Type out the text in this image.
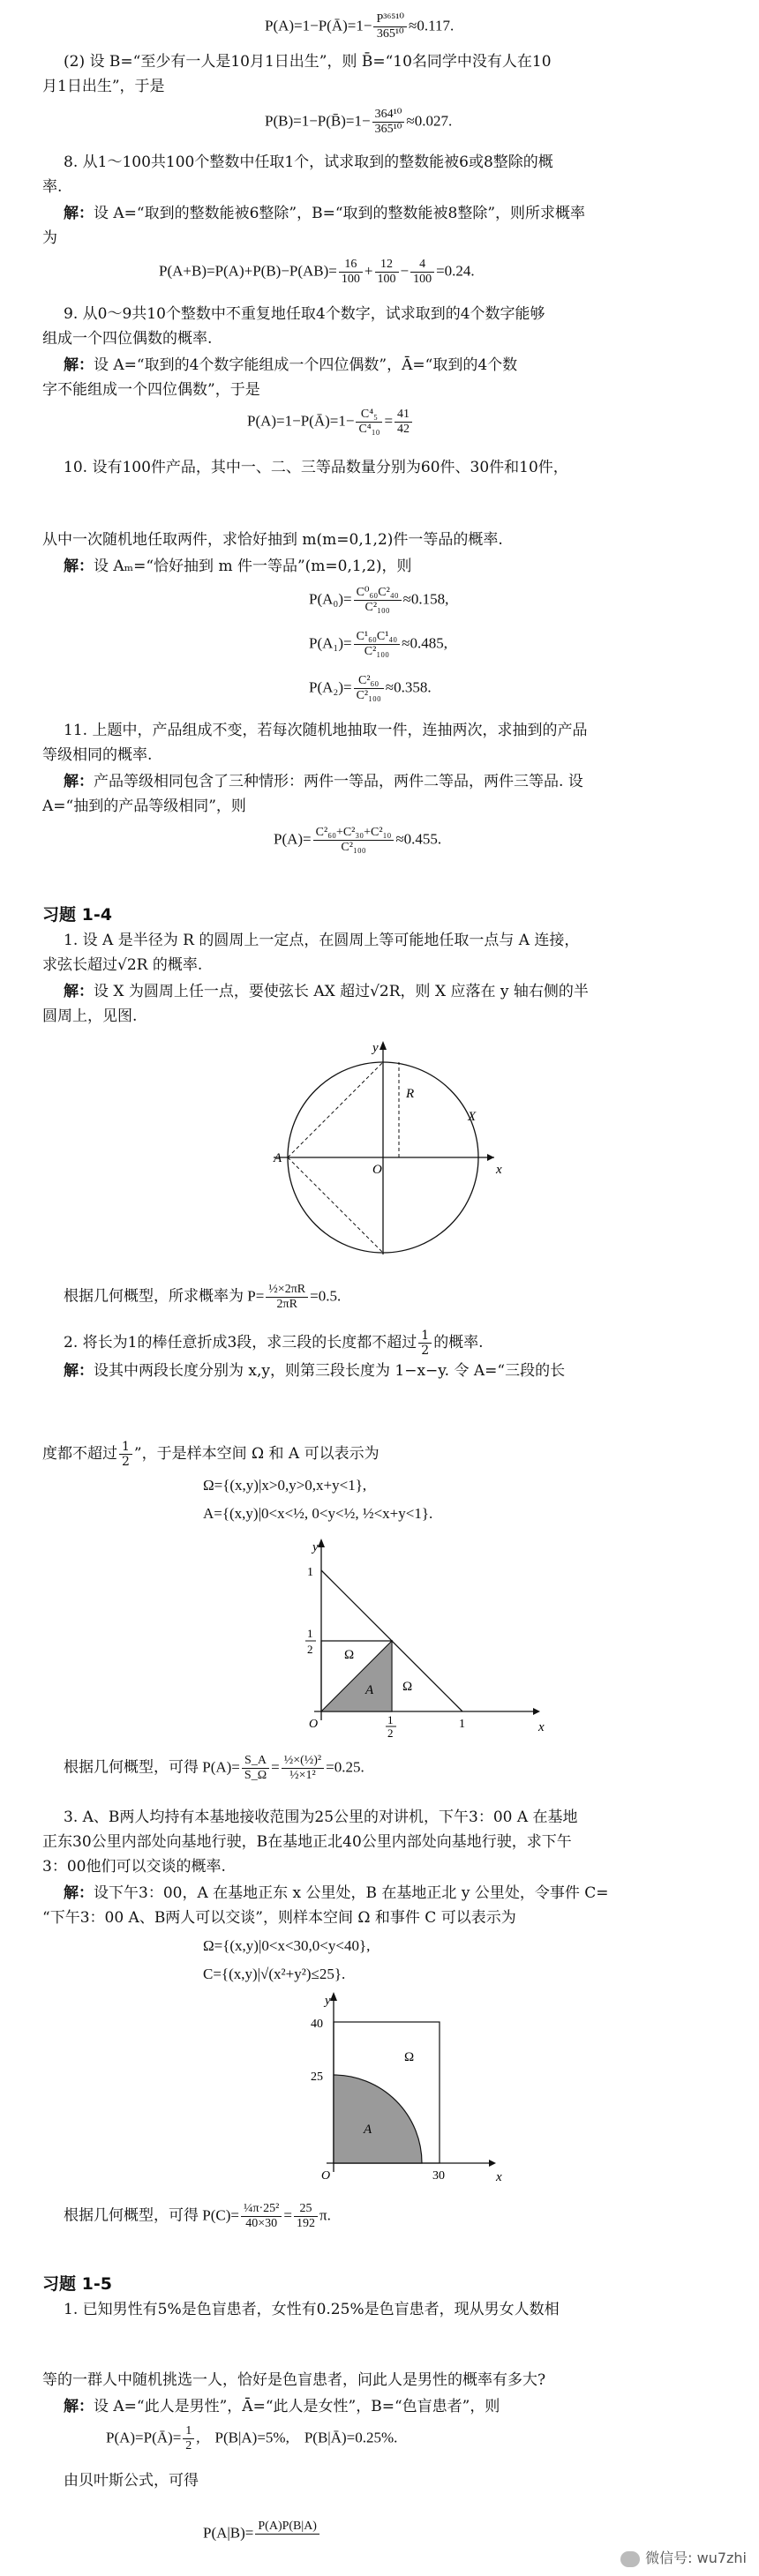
P(A)=1−P(Ā)=1− $\frac{\text{P³⁶⁵¹⁰}}{\text{365¹⁰}} \approx 0.117$.
(2) 设 B=“至少有一人是10月1日出生”，则 B̄=“10名同学中没有人在10
月1日出生”，于是
P(B)=1−P(B̄)=1− $\frac{\text{364¹⁰}}{\text{365¹⁰}} \approx 0.027$.
8. 从1～100共100个整数中任取1个，试求取到的整数能被6或8整除的概
率.
解：设 A=“取到的整数能被6整除”，B=“取到的整数能被8整除”，则所求概率
为
$P(A+B)=P(A)+P(B)-P(AB)= \frac{16}{100} + \frac{12}{100} - \frac{4}{100} =0.24$.
9. 从0～9共10个整数中不重复地任取4个数字，试求取到的4个数字能够
组成一个四位偶数的概率.
解：设 A=“取到的4个数字能组成一个四位偶数”，Ā=“取到的4个数
字不能组成一个四位偶数”，于是
P(A)=1−P(Ā)=1− $\frac{\text{C⁴₅}}{\text{C⁴₁₀}} = \frac{41}{42}$
10. 设有100件产品，其中一、二、三等品数量分别为60件、30件和10件，
从中一次随机地任取两件，求恰好抽到 m(m=0,1,2)件一等品的概率.
解：设 Aₘ=“恰好抽到 m 件一等品”(m=0,1,2)，则
$P(A_0)= \frac{\text{C⁰₆₀C²₄₀}}{\text{C²₁₀₀}} \approx 0.158$,
$P(A_1)= \frac{\text{C¹₆₀C¹₄₀}}{\text{C²₁₀₀}} \approx 0.485$,
$P(A_2)= \frac{\text{C²₆₀}}{\text{C²₁₀₀}} \approx 0.358$.
11. 上题中，产品组成不变，若每次随机地抽取一件，连抽两次，求抽到的产品
等级相同的概率.
解：产品等级相同包含了三种情形：两件一等品，两件二等品，两件三等品. 设
A=“抽到的产品等级相同”，则
$P(A)= \frac{\text{C²₆₀+C²₃₀+C²₁₀}}{\text{C²₁₀₀}} \approx 0.455$.
习题 1-4
1. 设 A 是半径为 R 的圆周上一定点，在圆周上等可能地任取一点与 A 连接，
求弦长超过√2R 的概率.
解：设 X 为圆周上任一点，要使弦长 AX 超过√2R，则 X 应落在 y 轴右侧的半
圆周上，见图.
y
x
R
X
A
O
根据几何概型，所求概率为 $P= \frac{\text{½×2πR}}{2\pi R} =0.5$.
2. 将长为1的棒任意折成3段，求三段的长度都不超过 $\frac{1}{2}$ 的概率.
解：设其中两段长度分别为 x,y，则第三段长度为 1−x−y. 令 A=“三段的长
度都不超过 $\frac{1}{2}$ ”，于是样本空间 Ω 和 A 可以表示为
Ω={(x,y)|x>0,y>0,x+y<1},
A={(x,y)|0<x<½, 0<y<½, ½<x+y<1}.
y
x
1
1
2 Ω
A Ω
O	1
2
1
根据几何概型，可得 $P(A)= \frac{S\_A}{S\_\Omega} = \frac{\text{½×(½)²}}{\text{½×1²}} =0.25$.
3. A、B两人均持有本基地接收范围为25公里的对讲机，下午3：00 A 在基地
正东30公里内部处向基地行驶，B在基地正北40公里内部处向基地行驶，求下午
3：00他们可以交谈的概率.
解：设下午3：00，A 在基地正东 x 公里处，B 在基地正北 y 公里处，令事件 C=
“下午3：00 A、B两人可以交谈”，则样本空间 Ω 和事件 C 可以表示为
Ω={(x,y)|0<x<30,0<y<40},
C={(x,y)|√(x²+y²)≤25}.
y
x
40
25
Ω
A
O	30
根据几何概型，可得 $P(C)= \frac{\text{¼π·25²}}{40\times 30} = \frac{25}{192} \pi$.
习题 1-5
1. 已知男性有5%是色盲患者，女性有0.25%是色盲患者，现从男女人数相
等的一群人中随机挑选一人，恰好是色盲患者，问此人是男性的概率有多大?
解：设 A=“此人是男性”，Ā=“此人是女性”，B=“色盲患者”，则
P(A)=P(Ā)= $\frac{1}{2}$ ,　P(B|A)=5%,　P(B|Ā)=0.25%.
由贝叶斯公式，可得
P(A|B)= P(A)P(B|A)

微信号: wu7zhi
